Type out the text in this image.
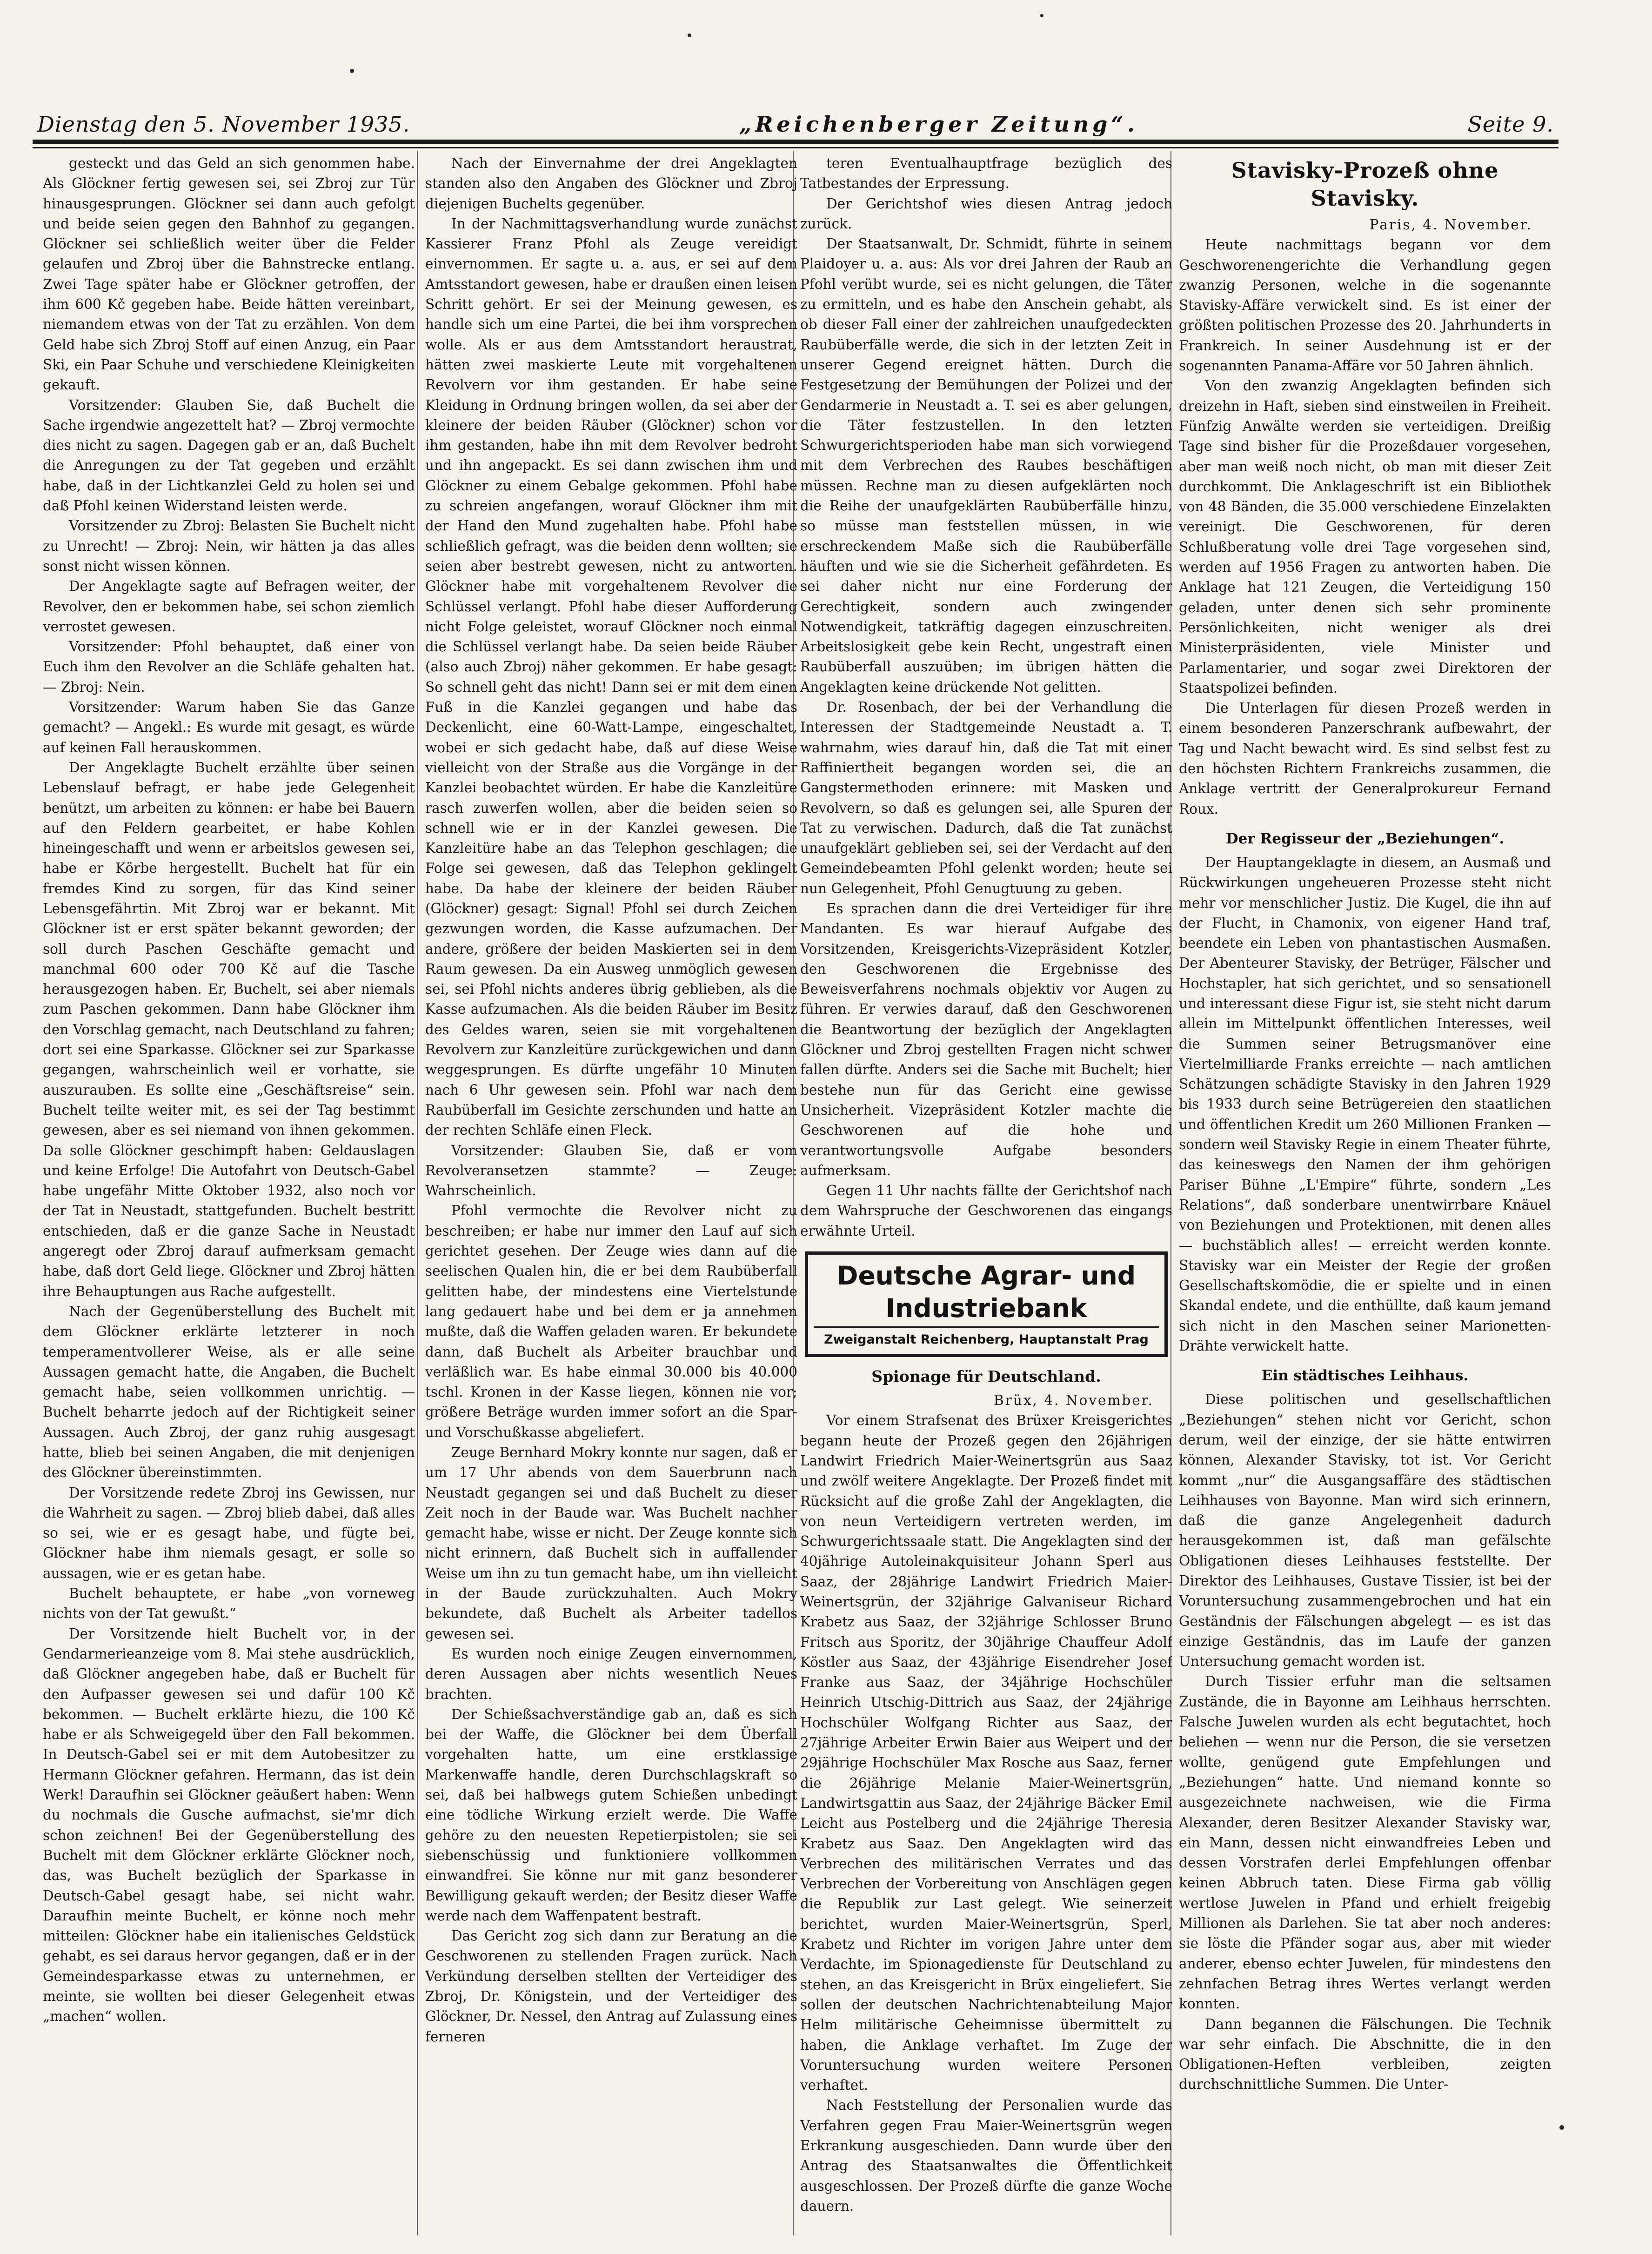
Dienstag den 5. November 1935.	„Reichenberger Zeitung“.	Seite 9.

gesteckt und das Geld an sich genommen habe. Als Glöckner fertig gewesen sei, sei Zbroj zur Tür hinausgesprungen. Glöckner sei dann auch gefolgt und beide seien gegen den Bahnhof zu gegangen. Glöckner sei schließlich weiter über die Felder gelaufen und Zbroj über die Bahnstrecke entlang. Zwei Tage später habe er Glöckner getroffen, der ihm 600 Kč gegeben habe. Beide hätten vereinbart, niemandem etwas von der Tat zu erzählen. Von dem Geld habe sich Zbroj Stoff auf einen Anzug, ein Paar Ski, ein Paar Schuhe und verschiedene Kleinigkeiten gekauft.

Vorsitzender: Glauben Sie, daß Buchelt die Sache irgendwie angezettelt hat? — Zbroj vermochte dies nicht zu sagen. Dagegen gab er an, daß Buchelt die Anregungen zu der Tat gegeben und erzählt habe, daß in der Lichtkanzlei Geld zu holen sei und daß Pfohl keinen Widerstand leisten werde.

Vorsitzender zu Zbroj: Belasten Sie Buchelt nicht zu Unrecht! — Zbroj: Nein, wir hätten ja das alles sonst nicht wissen können.

Der Angeklagte sagte auf Befragen weiter, der Revolver, den er bekommen habe, sei schon ziemlich verrostet gewesen.

Vorsitzender: Pfohl behauptet, daß einer von Euch ihm den Revolver an die Schläfe gehalten hat. — Zbroj: Nein.

Vorsitzender: Warum haben Sie das Ganze gemacht? — Angekl.: Es wurde mit gesagt, es würde auf keinen Fall herauskommen.

Der Angeklagte Buchelt erzählte über seinen Lebenslauf befragt, er habe jede Gelegenheit benützt, um arbeiten zu können: er habe bei Bauern auf den Feldern gearbeitet, er habe Kohlen hineingeschafft und wenn er arbeitslos gewesen sei, habe er Körbe hergestellt. Buchelt hat für ein fremdes Kind zu sorgen, für das Kind seiner Lebensgefährtin. Mit Zbroj war er bekannt. Mit Glöckner ist er erst später bekannt geworden; der soll durch Paschen Geschäfte gemacht und manchmal 600 oder 700 Kč auf die Tasche herausgezogen haben. Er, Buchelt, sei aber niemals zum Paschen gekommen. Dann habe Glöckner ihm den Vorschlag gemacht, nach Deutschland zu fahren; dort sei eine Sparkasse. Glöckner sei zur Sparkasse gegangen, wahrscheinlich weil er vorhatte, sie auszurauben. Es sollte eine „Geschäftsreise“ sein. Buchelt teilte weiter mit, es sei der Tag bestimmt gewesen, aber es sei niemand von ihnen gekommen. Da solle Glöckner geschimpft haben: Geldauslagen und keine Erfolge! Die Autofahrt von Deutsch-Gabel habe ungefähr Mitte Oktober 1932, also noch vor der Tat in Neustadt, stattgefunden. Buchelt bestritt entschieden, daß er die ganze Sache in Neustadt angeregt oder Zbroj darauf aufmerksam gemacht habe, daß dort Geld liege. Glöckner und Zbroj hätten ihre Behauptungen aus Rache aufgestellt.

Nach der Gegenüberstellung des Buchelt mit dem Glöckner erklärte letzterer in noch temperamentvollerer Weise, als er alle seine Aussagen gemacht hatte, die Angaben, die Buchelt gemacht habe, seien vollkommen unrichtig. — Buchelt beharrte jedoch auf der Richtigkeit seiner Aussagen. Auch Zbroj, der ganz ruhig ausgesagt hatte, blieb bei seinen Angaben, die mit denjenigen des Glöckner übereinstimmten.

Der Vorsitzende redete Zbroj ins Gewissen, nur die Wahrheit zu sagen. — Zbroj blieb dabei, daß alles so sei, wie er es gesagt habe, und fügte bei, Glöckner habe ihm niemals gesagt, er solle so aussagen, wie er es getan habe.

Buchelt behauptete, er habe „von vorneweg nichts von der Tat gewußt.“

Der Vorsitzende hielt Buchelt vor, in der Gendarmerieanzeige vom 8. Mai stehe ausdrücklich, daß Glöckner angegeben habe, daß er Buchelt für den Aufpasser gewesen sei und dafür 100 Kč bekommen. — Buchelt erklärte hiezu, die 100 Kč habe er als Schweigegeld über den Fall bekommen. In Deutsch-Gabel sei er mit dem Autobesitzer zu Hermann Glöckner gefahren. Hermann, das ist dein Werk! Daraufhin sei Glöckner geäußert haben: Wenn du nochmals die Gusche aufmachst, sie'mr dich schon zeichnen! Bei der Gegenüberstellung des Buchelt mit dem Glöckner erklärte Glöckner noch, das, was Buchelt bezüglich der Sparkasse in Deutsch-Gabel gesagt habe, sei nicht wahr. Daraufhin meinte Buchelt, er könne noch mehr mitteilen: Glöckner habe ein italienisches Geldstück gehabt, es sei daraus hervor gegangen, daß er in der Gemeindesparkasse etwas zu unternehmen, er meinte, sie wollten bei dieser Gelegenheit etwas „machen“ wollen.

Nach der Einvernahme der drei Angeklagten standen also den Angaben des Glöckner und Zbroj diejenigen Buchelts gegenüber.

In der Nachmittagsverhandlung wurde zunächst Kassierer Franz Pfohl als Zeuge vereidigt einvernommen. Er sagte u. a. aus, er sei auf dem Amtsstandort gewesen, habe er draußen einen leisen Schritt gehört. Er sei der Meinung gewesen, es handle sich um eine Partei, die bei ihm vorsprechen wolle. Als er aus dem Amtsstandort heraustrat, hätten zwei maskierte Leute mit vorgehaltenen Revolvern vor ihm gestanden. Er habe seine Kleidung in Ordnung bringen wollen, da sei aber der kleinere der beiden Räuber (Glöckner) schon vor ihm gestanden, habe ihn mit dem Revolver bedroht und ihn angepackt. Es sei dann zwischen ihm und Glöckner zu einem Gebalge gekommen. Pfohl habe zu schreien angefangen, worauf Glöckner ihm mit der Hand den Mund zugehalten habe. Pfohl habe schließlich gefragt, was die beiden denn wollten; sie seien aber bestrebt gewesen, nicht zu antworten. Glöckner habe mit vorgehaltenem Revolver die Schlüssel verlangt. Pfohl habe dieser Aufforderung nicht Folge geleistet, worauf Glöckner noch einmal die Schlüssel verlangt habe. Da seien beide Räuber (also auch Zbroj) näher gekommen. Er habe gesagt: So schnell geht das nicht! Dann sei er mit dem einen Fuß in die Kanzlei gegangen und habe das Deckenlicht, eine 60-Watt-Lampe, eingeschaltet, wobei er sich gedacht habe, daß auf diese Weise vielleicht von der Straße aus die Vorgänge in der Kanzlei beobachtet würden. Er habe die Kanzleitüre rasch zuwerfen wollen, aber die beiden seien so schnell wie er in der Kanzlei gewesen. Die Kanzleitüre habe an das Telephon geschlagen; die Folge sei gewesen, daß das Telephon geklingelt habe. Da habe der kleinere der beiden Räuber (Glöckner) gesagt: Signal! Pfohl sei durch Zeichen gezwungen worden, die Kasse aufzumachen. Der andere, größere der beiden Maskierten sei in dem Raum gewesen. Da ein Ausweg unmöglich gewesen sei, sei Pfohl nichts anderes übrig geblieben, als die Kasse aufzumachen. Als die beiden Räuber im Besitz des Geldes waren, seien sie mit vorgehaltenen Revolvern zur Kanzleitüre zurückgewichen und dann weggesprungen. Es dürfte ungefähr 10 Minuten nach 6 Uhr gewesen sein. Pfohl war nach dem Raubüberfall im Gesichte zerschunden und hatte an der rechten Schläfe einen Fleck.

Vorsitzender: Glauben Sie, daß er vom Revolveransetzen stammte? — Zeuge: Wahrscheinlich.

Pfohl vermochte die Revolver nicht zu beschreiben; er habe nur immer den Lauf auf sich gerichtet gesehen. Der Zeuge wies dann auf die seelischen Qualen hin, die er bei dem Raubüberfall gelitten habe, der mindestens eine Viertelstunde lang gedauert habe und bei dem er ja annehmen mußte, daß die Waffen geladen waren. Er bekundete dann, daß Buchelt als Arbeiter brauchbar und verläßlich war. Es habe einmal 30.000 bis 40.000 tschl. Kronen in der Kasse liegen, können nie vor; größere Beträge wurden immer sofort an die Spar- und Vorschußkasse abgeliefert.

Zeuge Bernhard Mokry konnte nur sagen, daß er um 17 Uhr abends von dem Sauerbrunn nach Neustadt gegangen sei und daß Buchelt zu dieser Zeit noch in der Baude war. Was Buchelt nachher gemacht habe, wisse er nicht. Der Zeuge konnte sich nicht erinnern, daß Buchelt sich in auffallender Weise um ihn zu tun gemacht habe, um ihn vielleicht in der Baude zurückzuhalten. Auch Mokry bekundete, daß Buchelt als Arbeiter tadellos gewesen sei.

Es wurden noch einige Zeugen einvernommen, deren Aussagen aber nichts wesentlich Neues brachten.

Der Schießsachverständige gab an, daß es sich bei der Waffe, die Glöckner bei dem Überfall vorgehalten hatte, um eine erstklassige Markenwaffe handle, deren Durchschlagskraft so sei, daß bei halbwegs gutem Schießen unbedingt eine tödliche Wirkung erzielt werde. Die Waffe gehöre zu den neuesten Repetierpistolen; sie sei siebenschüssig und funktioniere vollkommen einwandfrei. Sie könne nur mit ganz besonderer Bewilligung gekauft werden; der Besitz dieser Waffe werde nach dem Waffenpatent bestraft.

Das Gericht zog sich dann zur Beratung an die Geschworenen zu stellenden Fragen zurück. Nach Verkündung derselben stellten der Verteidiger des Zbroj, Dr. Königstein, und der Verteidiger des Glöckner, Dr. Nessel, den Antrag auf Zulassung eines ferneren

teren Eventualhauptfrage bezüglich des Tatbestandes der Erpressung.

Der Gerichtshof wies diesen Antrag jedoch zurück.

Der Staatsanwalt, Dr. Schmidt, führte in seinem Plaidoyer u. a. aus: Als vor drei Jahren der Raub an Pfohl verübt wurde, sei es nicht gelungen, die Täter zu ermitteln, und es habe den Anschein gehabt, als ob dieser Fall einer der zahlreichen unaufgedeckten Raubüberfälle werde, die sich in der letzten Zeit in unserer Gegend ereignet hätten. Durch die Festgesetzung der Bemühungen der Polizei und der Gendarmerie in Neustadt a. T. sei es aber gelungen, die Täter festzustellen. In den letzten Schwurgerichtsperioden habe man sich vorwiegend mit dem Verbrechen des Raubes beschäftigen müssen. Rechne man zu diesen aufgeklärten noch die Reihe der unaufgeklärten Raubüberfälle hinzu, so müsse man feststellen müssen, in wie erschreckendem Maße sich die Raubüberfälle häuften und wie sie die Sicherheit gefährdeten. Es sei daher nicht nur eine Forderung der Gerechtigkeit, sondern auch zwingender Notwendigkeit, tatkräftig dagegen einzuschreiten. Arbeitslosigkeit gebe kein Recht, ungestraft einen Raubüberfall auszuüben; im übrigen hätten die Angeklagten keine drückende Not gelitten.

Dr. Rosenbach, der bei der Verhandlung die Interessen der Stadtgemeinde Neustadt a. T. wahrnahm, wies darauf hin, daß die Tat mit einer Raffiniertheit begangen worden sei, die an Gangstermethoden erinnere: mit Masken und Revolvern, so daß es gelungen sei, alle Spuren der Tat zu verwischen. Dadurch, daß die Tat zunächst unaufgeklärt geblieben sei, sei der Verdacht auf den Gemeindebeamten Pfohl gelenkt worden; heute sei nun Gelegenheit, Pfohl Genugtuung zu geben.

Es sprachen dann die drei Verteidiger für ihre Mandanten. Es war hierauf Aufgabe des Vorsitzenden, Kreisgerichts-Vizepräsident Kotzler, den Geschworenen die Ergebnisse des Beweisverfahrens nochmals objektiv vor Augen zu führen. Er verwies darauf, daß den Geschworenen die Beantwortung der bezüglich der Angeklagten Glöckner und Zbroj gestellten Fragen nicht schwer fallen dürfte. Anders sei die Sache mit Buchelt; hier bestehe nun für das Gericht eine gewisse Unsicherheit. Vizepräsident Kotzler machte die Geschworenen auf die hohe und verantwortungsvolle Aufgabe besonders aufmerksam.

Gegen 11 Uhr nachts fällte der Gerichtshof nach dem Wahrspruche der Geschworenen das eingangs erwähnte Urteil.

Deutsche Agrar- und Industriebank
Zweiganstalt Reichenberg, Hauptanstalt Prag
Spionage für Deutschland.

Brüx, 4. November.

Vor einem Strafsenat des Brüxer Kreisgerichtes begann heute der Prozeß gegen den 26jährigen Landwirt Friedrich Maier-Weinertsgrün aus Saaz und zwölf weitere Angeklagte. Der Prozeß findet mit Rücksicht auf die große Zahl der Angeklagten, die von neun Verteidigern vertreten werden, im Schwurgerichtssaale statt. Die Angeklagten sind der 40jährige Autoleinakquisiteur Johann Sperl aus Saaz, der 28jährige Landwirt Friedrich Maier-Weinertsgrün, der 32jährige Galvaniseur Richard Krabetz aus Saaz, der 32jährige Schlosser Bruno Fritsch aus Sporitz, der 30jährige Chauffeur Adolf Köstler aus Saaz, der 43jährige Eisendreher Josef Franke aus Saaz, der 34jährige Hochschüler Heinrich Utschig-Dittrich aus Saaz, der 24jährige Hochschüler Wolfgang Richter aus Saaz, der 27jährige Arbeiter Erwin Baier aus Weipert und der 29jährige Hochschüler Max Rosche aus Saaz, ferner die 26jährige Melanie Maier-Weinertsgrün, Landwirtsgattin aus Saaz, der 24jährige Bäcker Emil Leicht aus Postelberg und die 24jährige Theresia Krabetz aus Saaz. Den Angeklagten wird das Verbrechen des militärischen Verrates und das Verbrechen der Vorbereitung von Anschlägen gegen die Republik zur Last gelegt. Wie seinerzeit berichtet, wurden Maier-Weinertsgrün, Sperl, Krabetz und Richter im vorigen Jahre unter dem Verdachte, im Spionagedienste für Deutschland zu stehen, an das Kreisgericht in Brüx eingeliefert. Sie sollen der deutschen Nachrichtenabteilung Major Helm militärische Geheimnisse übermittelt zu haben, die Anklage verhaftet. Im Zuge der Voruntersuchung wurden weitere Personen verhaftet.

Nach Feststellung der Personalien wurde das Verfahren gegen Frau Maier-Weinertsgrün wegen Erkrankung ausgeschieden. Dann wurde über den Antrag des Staatsanwaltes die Öffentlichkeit ausgeschlossen. Der Prozeß dürfte die ganze Woche dauern.

Stavisky-Prozeß ohne Stavisky.

Paris, 4. November.

Heute nachmittags begann vor dem Geschworenengerichte die Verhandlung gegen zwanzig Personen, welche in die sogenannte Stavisky-Affäre verwickelt sind. Es ist einer der größten politischen Prozesse des 20. Jahrhunderts in Frankreich. In seiner Ausdehnung ist er der sogenannten Panama-Affäre vor 50 Jahren ähnlich.

Von den zwanzig Angeklagten befinden sich dreizehn in Haft, sieben sind einstweilen in Freiheit. Fünfzig Anwälte werden sie verteidigen. Dreißig Tage sind bisher für die Prozeßdauer vorgesehen, aber man weiß noch nicht, ob man mit dieser Zeit durchkommt. Die Anklageschrift ist ein Bibliothek von 48 Bänden, die 35.000 verschiedene Einzelakten vereinigt. Die Geschworenen, für deren Schlußberatung volle drei Tage vorgesehen sind, werden auf 1956 Fragen zu antworten haben. Die Anklage hat 121 Zeugen, die Verteidigung 150 geladen, unter denen sich sehr prominente Persönlichkeiten, nicht weniger als drei Ministerpräsidenten, viele Minister und Parlamentarier, und sogar zwei Direktoren der Staatspolizei befinden.

Die Unterlagen für diesen Prozeß werden in einem besonderen Panzerschrank aufbewahrt, der Tag und Nacht bewacht wird. Es sind selbst fest zu den höchsten Richtern Frankreichs zusammen, die Anklage vertritt der Generalprokureur Fernand Roux.

Der Regisseur der „Beziehungen“.

Der Hauptangeklagte in diesem, an Ausmaß und Rückwirkungen ungeheueren Prozesse steht nicht mehr vor menschlicher Justiz. Die Kugel, die ihn auf der Flucht, in Chamonix, von eigener Hand traf, beendete ein Leben von phantastischen Ausmaßen. Der Abenteurer Stavisky, der Betrüger, Fälscher und Hochstapler, hat sich gerichtet, und so sensationell und interessant diese Figur ist, sie steht nicht darum allein im Mittelpunkt öffentlichen Interesses, weil die Summen seiner Betrugsmanöver eine Viertelmilliarde Franks erreichte — nach amtlichen Schätzungen schädigte Stavisky in den Jahren 1929 bis 1933 durch seine Betrügereien den staatlichen und öffentlichen Kredit um 260 Millionen Franken — sondern weil Stavisky Regie in einem Theater führte, das keineswegs den Namen der ihm gehörigen Pariser Bühne „L'Empire“ führte, sondern „Les Relations“, daß sonderbare unentwirrbare Knäuel von Beziehungen und Protektionen, mit denen alles — buchstäblich alles! — erreicht werden konnte. Stavisky war ein Meister der Regie der großen Gesellschaftskomödie, die er spielte und in einen Skandal endete, und die enthüllte, daß kaum jemand sich nicht in den Maschen seiner Marionetten-Drähte verwickelt hatte.

Ein städtisches Leihhaus.

Diese politischen und gesellschaftlichen „Beziehungen“ stehen nicht vor Gericht, schon derum, weil der einzige, der sie hätte entwirren können, Alexander Stavisky, tot ist. Vor Gericht kommt „nur“ die Ausgangsaffäre des städtischen Leihhauses von Bayonne. Man wird sich erinnern, daß die ganze Angelegenheit dadurch herausgekommen ist, daß man gefälschte Obligationen dieses Leihhauses feststellte. Der Direktor des Leihhauses, Gustave Tissier, ist bei der Voruntersuchung zusammengebrochen und hat ein Geständnis der Fälschungen abgelegt — es ist das einzige Geständnis, das im Laufe der ganzen Untersuchung gemacht worden ist.

Durch Tissier erfuhr man die seltsamen Zustände, die in Bayonne am Leihhaus herrschten. Falsche Juwelen wurden als echt begutachtet, hoch beliehen — wenn nur die Person, die sie versetzen wollte, genügend gute Empfehlungen und „Beziehungen“ hatte. Und niemand konnte so ausgezeichnete nachweisen, wie die Firma Alexander, deren Besitzer Alexander Stavisky war, ein Mann, dessen nicht einwandfreies Leben und dessen Vorstrafen derlei Empfehlungen offenbar keinen Abbruch taten. Diese Firma gab völlig wertlose Juwelen in Pfand und erhielt freigebig Millionen als Darlehen. Sie tat aber noch anderes: sie löste die Pfänder sogar aus, aber mit wieder anderer, ebenso echter Juwelen, für mindestens den zehnfachen Betrag ihres Wertes verlangt werden konnten.

Dann begannen die Fälschungen. Die Technik war sehr einfach. Die Abschnitte, die in den Obligationen-Heften verbleiben, zeigten durchschnittliche Summen. Die Unter-
